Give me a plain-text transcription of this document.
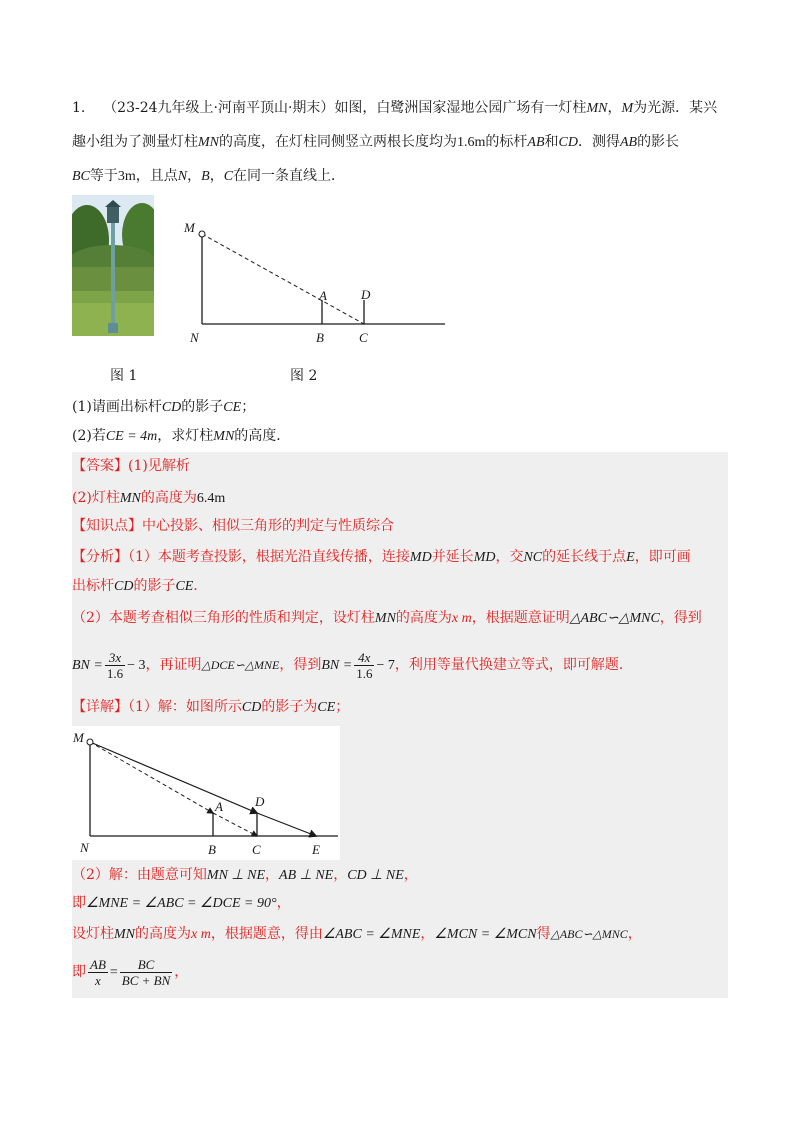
1. （23-24九年级上·河南平顶山·期末）如图，白鹭洲国家湿地公园广场有一灯柱MN，M为光源．某兴
趣小组为了测量灯柱MN的高度，在灯柱同侧竖立两根长度均为1.6m的标杆AB和CD．测得AB的影长
BC等于3m，且点N，B，C在同一条直线上．
M
N
A
B
D
C
图 1	图 2
(1)请画出标杆CD的影子CE；
(2)若CE = 4m，求灯柱MN的高度．
【答案】(1)见解析
(2)灯柱MN的高度为6.4m
【知识点】中心投影、相似三角形的判定与性质综合
【分析】（1）本题考查投影，根据光沿直线传播，连接MD并延长MD，交NC的延长线于点E，即可画
出标杆CD的影子CE．
（2）本题考查相似三角形的性质和判定，设灯柱MN的高度为x m，根据题意证明△ABC∽△MNC，得到
BN = $\frac{3x}{1.6} - 3$，再证明△DCE∽△MNE，得到BN = $\frac{4x}{1.6} - 7$，利用等量代换建立等式，即可解题．
【详解】（1）解：如图所示CD的影子为CE；
M
N
A
B
D
C	E
（2）解：由题意可知MN ⊥ NE，AB ⊥ NE，CD ⊥ NE，
即∠MNE = ∠ABC = ∠DCE = 90°，
设灯柱MN的高度为x m，根据题意，得由∠ABC = ∠MNE，∠MCN = ∠MCN得△ABC∽△MNC，
即 $\frac{AB}{x} = \frac{BC}{BC + BN}$ ，
